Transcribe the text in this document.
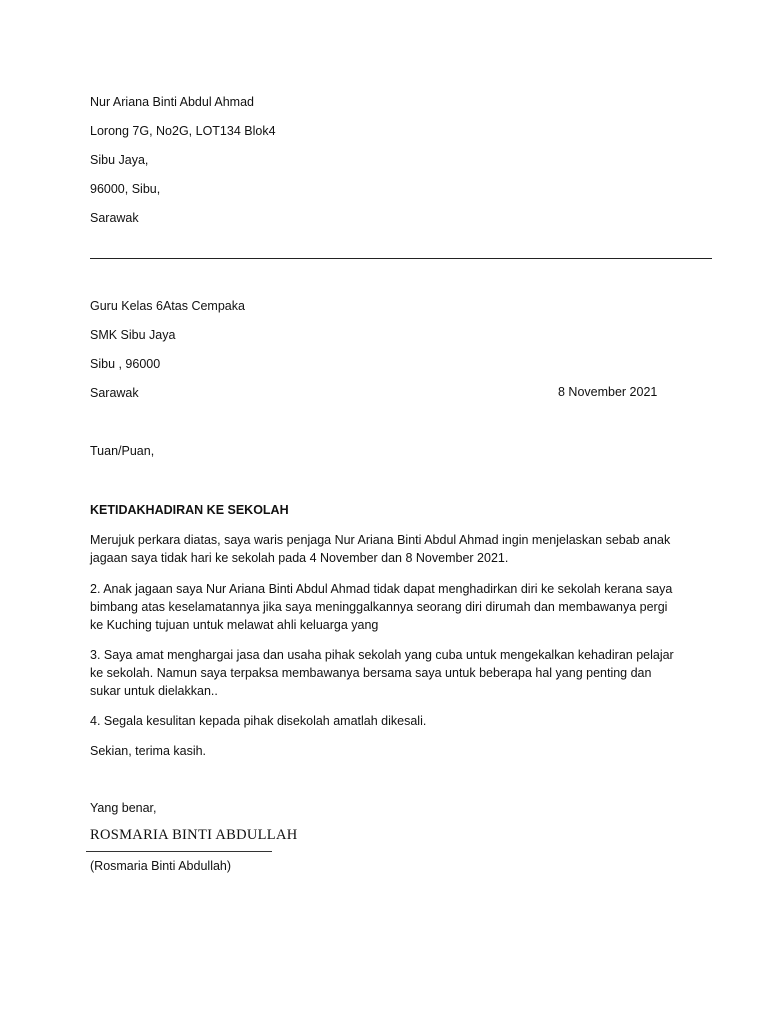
Nur Ariana Binti Abdul Ahmad
Lorong 7G, No2G, LOT134 Blok4
Sibu Jaya,
96000, Sibu,
Sarawak
Guru Kelas 6Atas Cempaka
SMK Sibu Jaya
Sibu , 96000
Sarawak	8 November 2021
Tuan/Puan,
KETIDAKHADIRAN KE SEKOLAH
Merujuk perkara diatas, saya waris penjaga Nur Ariana Binti Abdul Ahmad ingin menjelaskan sebab anak jagaan saya tidak hari ke sekolah pada 4 November dan 8 November 2021.
2. Anak jagaan saya Nur Ariana Binti Abdul Ahmad tidak dapat menghadirkan diri ke sekolah kerana saya bimbang atas keselamatannya jika saya meninggalkannya seorang diri dirumah dan membawanya pergi ke Kuching tujuan untuk melawat ahli keluarga yang
3. Saya amat menghargai jasa dan usaha pihak sekolah yang cuba untuk mengekalkan kehadiran pelajar ke sekolah. Namun saya terpaksa membawanya bersama saya untuk beberapa hal yang penting dan sukar untuk dielakkan..
4. Segala kesulitan kepada pihak disekolah amatlah dikesali.
Sekian, terima kasih.
Yang benar,
ROSMARIA BINTI ABDULLAH
(Rosmaria Binti Abdullah)
